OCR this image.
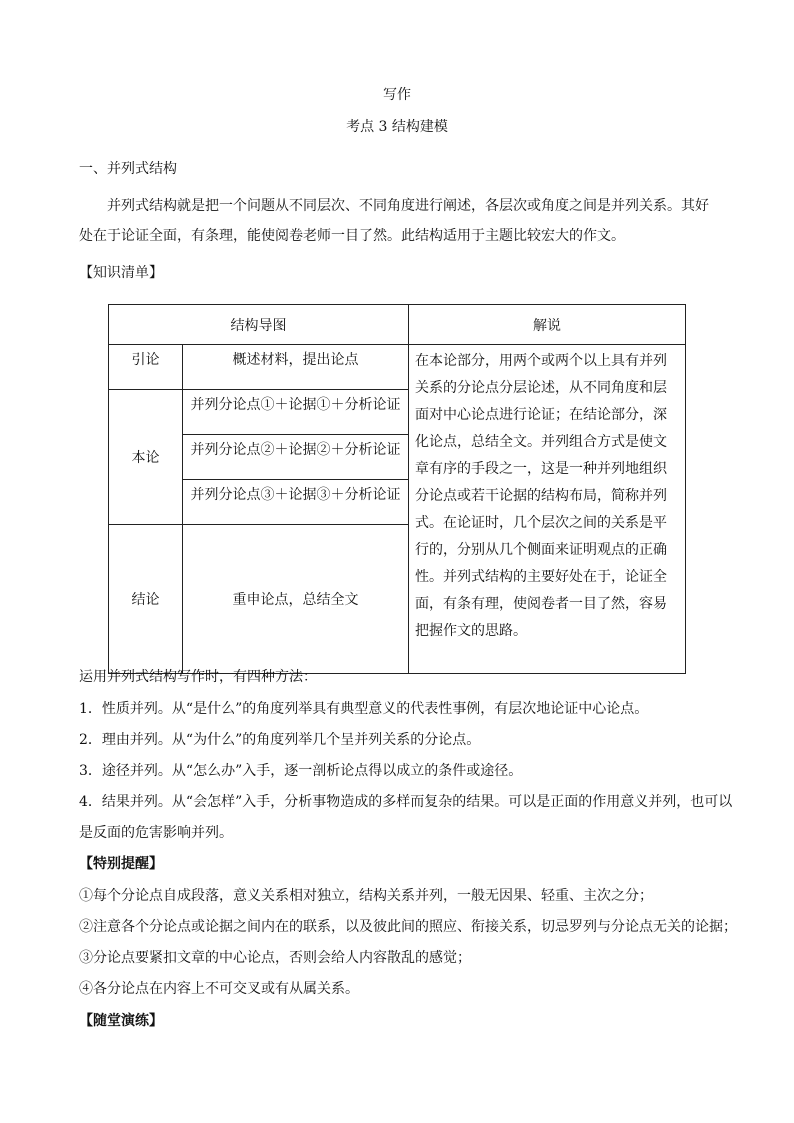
写作
考点 3 结构建模
一、并列式结构
并列式结构就是把一个问题从不同层次、不同角度进行阐述，各层次或角度之间是并列关系。其好处在于论证全面，有条理，能使阅卷老师一目了然。此结构适用于主题比较宏大的作文。
【知识清单】
结构导图		解说
引论	概述材料，提出论点	在本论部分，用两个或两个以上具有并列关系的分论点分层论述，从不同角度和层面对中心论点进行论证；在结论部分，深化论点，总结全文。并列组合方式是使文章有序的手段之一，这是一种并列地组织分论点或若干论据的结构布局，简称并列式。在论证时，几个层次之间的关系是平行的，分别从几个侧面来证明观点的正确性。并列式结构的主要好处在于，论证全面，有条有理，使阅卷者一目了然，容易把握作文的思路。
本论	并列分论点①＋论据①＋分析论证	
	并列分论点②＋论据②＋分析论证	
	并列分论点③＋论据③＋分析论证	
结论	重申论点，总结全文	
运用并列式结构写作时，有四种方法：
1．性质并列。从“是什么”的角度列举具有典型意义的代表性事例，有层次地论证中心论点。
2．理由并列。从“为什么”的角度列举几个呈并列关系的分论点。
3．途径并列。从“怎么办”入手，逐一剖析论点得以成立的条件或途径。
4．结果并列。从“会怎样”入手，分析事物造成的多样而复杂的结果。可以是正面的作用意义并列，也可以
是反面的危害影响并列。
【特别提醒】
①每个分论点自成段落，意义关系相对独立，结构关系并列，一般无因果、轻重、主次之分；
②注意各个分论点或论据之间内在的联系，以及彼此间的照应、衔接关系，切忌罗列与分论点无关的论据；
③分论点要紧扣文章的中心论点，否则会给人内容散乱的感觉；
④各分论点在内容上不可交叉或有从属关系。
【随堂演练】
